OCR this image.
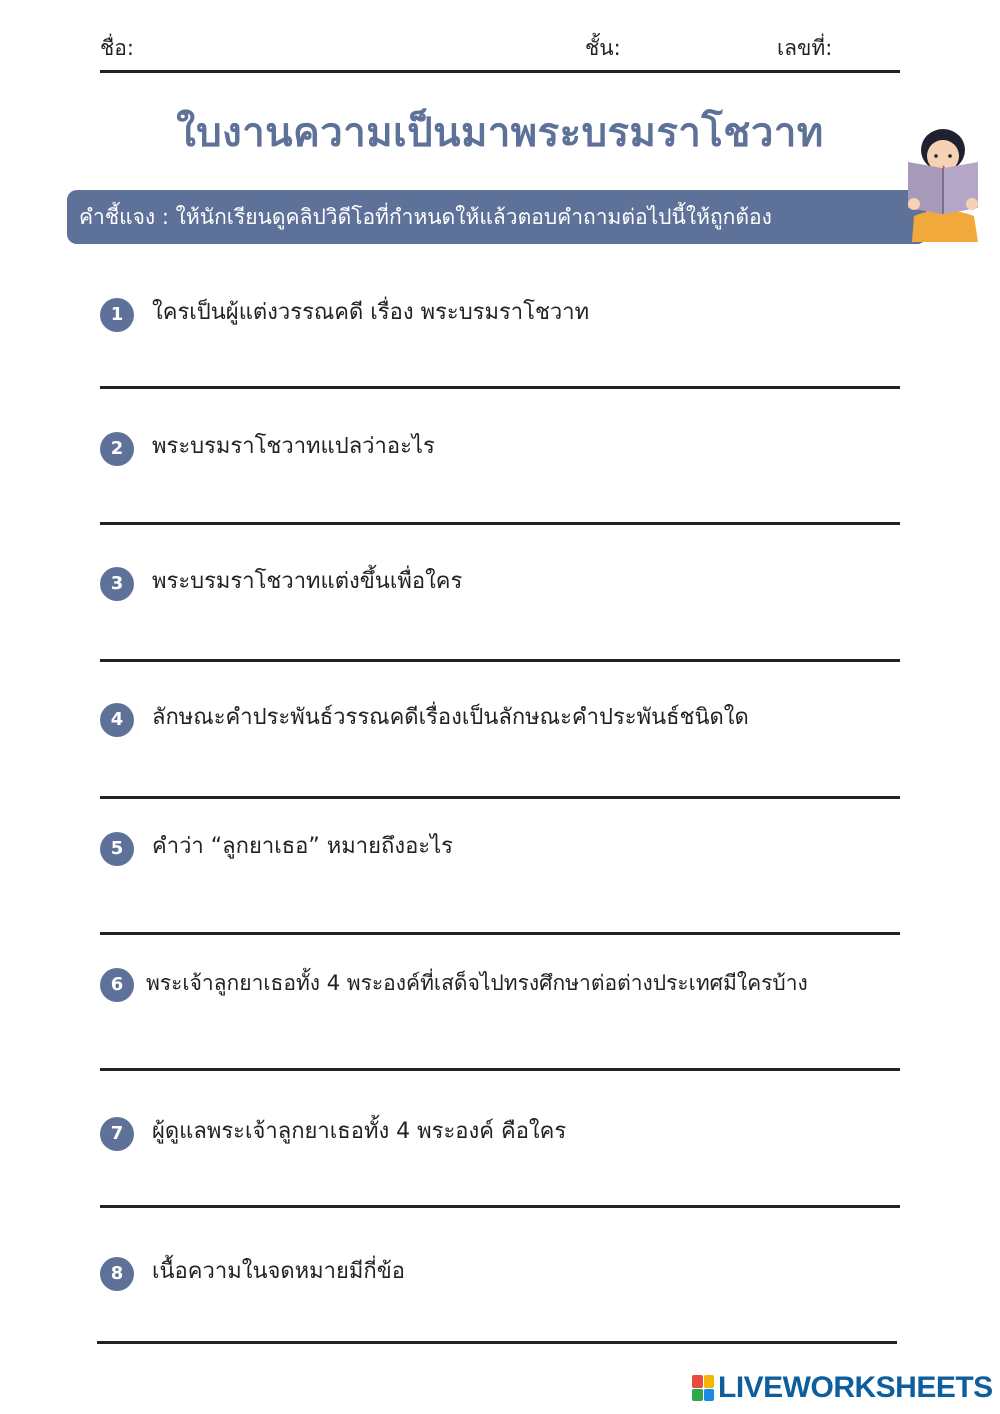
ชื่อ:	ชั้น:	เลขที่:
ใบงานความเป็นมาพระบรมราโชวาท
คำชี้แจง : ให้นักเรียนดูคลิปวิดีโอที่กำหนดให้แล้วตอบคำถามต่อไปนี้ให้ถูกต้อง
1	ใครเป็นผู้แต่งวรรณคดี เรื่อง พระบรมราโชวาท
2	พระบรมราโชวาทแปลว่าอะไร
3	พระบรมราโชวาทแต่งขึ้นเพื่อใคร
4	ลักษณะคำประพันธ์วรรณคดีเรื่องเป็นลักษณะคำประพันธ์ชนิดใด
5	คำว่า “ลูกยาเธอ” หมายถึงอะไร
6	พระเจ้าลูกยาเธอทั้ง 4 พระองค์ที่เสด็จไปทรงศึกษาต่อต่างประเทศมีใครบ้าง
7	ผู้ดูแลพระเจ้าลูกยาเธอทั้ง 4 พระองค์ คือใคร
8	เนื้อความในจดหมายมีกี่ข้อ
LIVEWORKSHEETS
